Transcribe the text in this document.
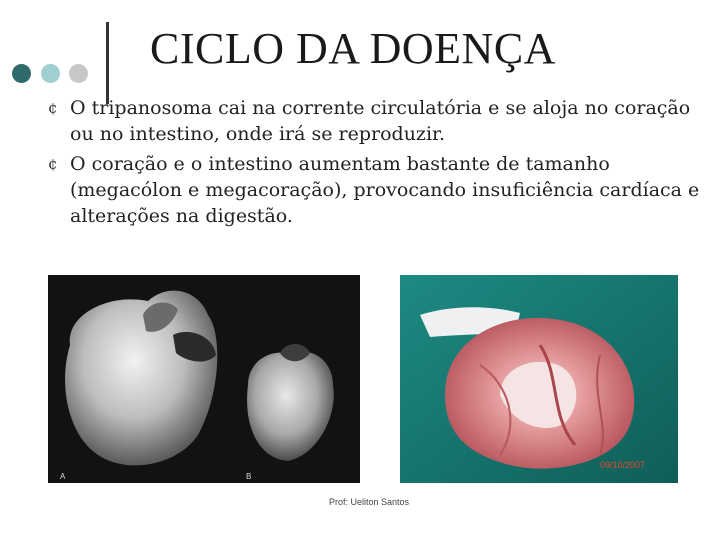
CICLO DA DOENÇA
¢ O tripanosoma cai na corrente circulatória e se aloja no coração ou no intestino, onde irá se reproduzir.
¢ O coração e o intestino aumentam bastante de tamanho (megacólon e megacoração), provocando insuficiência cardíaca e alterações na digestão.
A	B
09/10/2007

Prof: Ueliton Santos
